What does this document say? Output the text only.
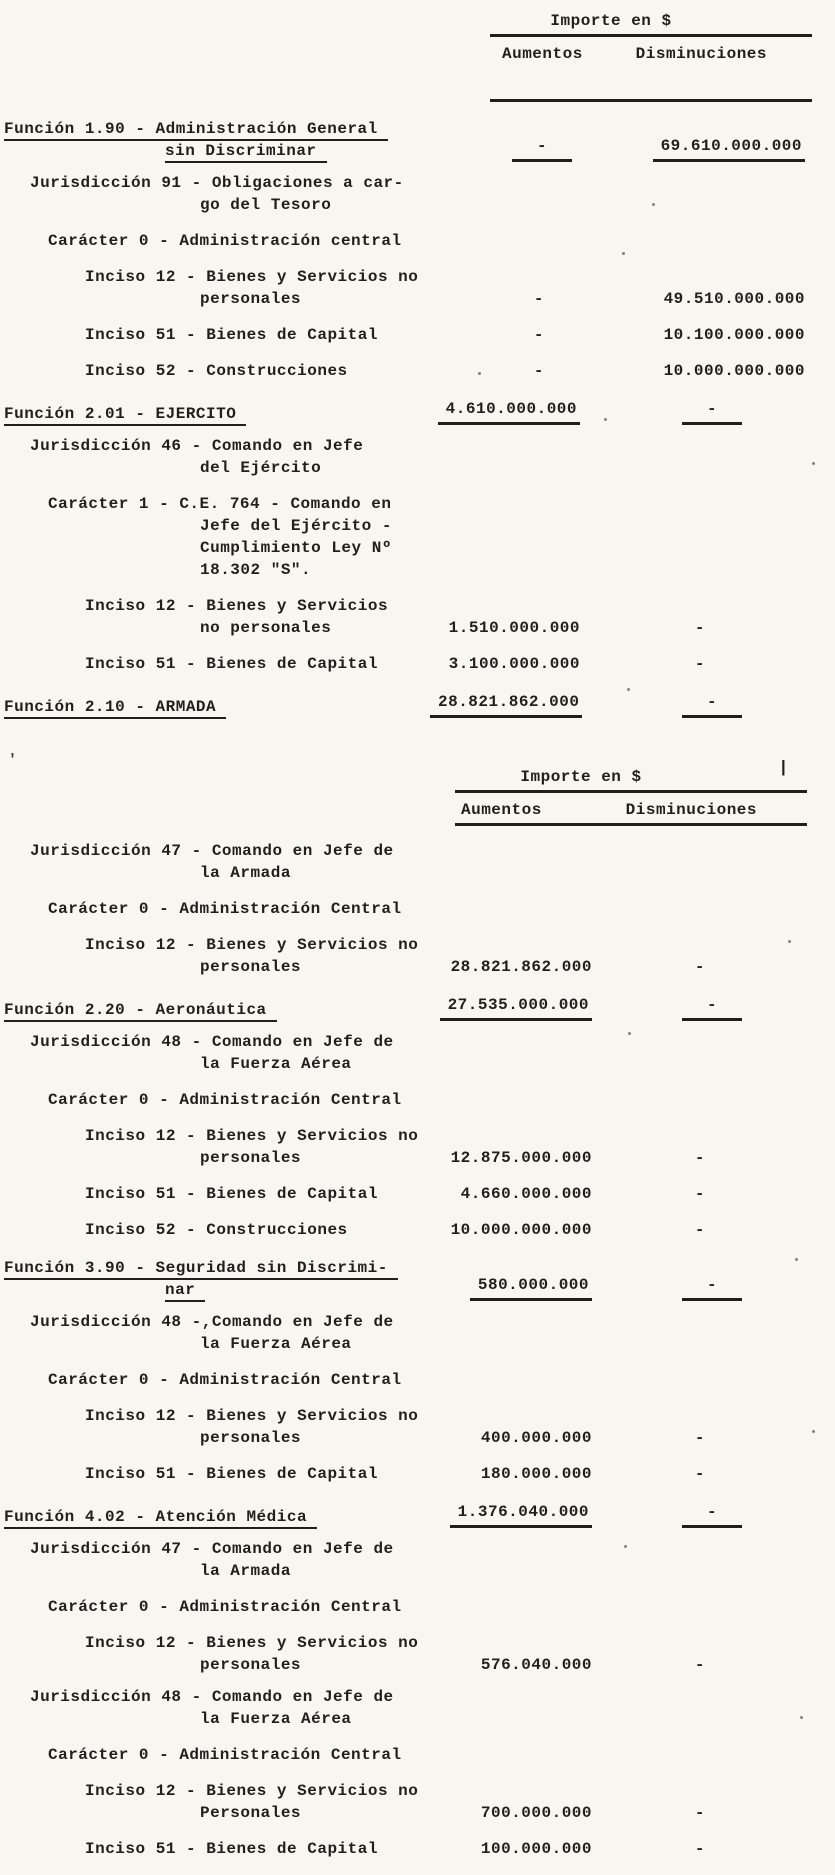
Importe en $
Aumentos	Disminuciones
Función 1.90 - Administración General
sin Discriminar	-	69.610.000.000
Jurisdicción 91 - Obligaciones a car-
go del Tesoro
Carácter 0 - Administración central
Inciso 12 - Bienes y Servicios no
personales	-	49.510.000.000
Inciso 51 - Bienes de Capital	-	10.100.000.000
Inciso 52 - Construcciones	-	10.000.000.000
Función 2.01 - EJERCITO	4.610.000.000	-
Jurisdicción 46 - Comando en Jefe
del Ejército
Carácter 1 - C.E. 764 - Comando en
Jefe del Ejército -
Cumplimiento Ley Nº
18.302 "S".
Inciso 12 - Bienes y Servicios
no personales	1.510.000.000	-
Inciso 51 - Bienes de Capital	3.100.000.000	-
Función 2.10 - ARMADA	28.821.862.000	-
|
Importe en $
Aumentos	Disminuciones
Jurisdicción 47 - Comando en Jefe de
la Armada
Carácter 0 - Administración Central
Inciso 12 - Bienes y Servicios no
personales	28.821.862.000	-
Función 2.20 - Aeronáutica	27.535.000.000	-
Jurisdicción 48 - Comando en Jefe de
la Fuerza Aérea
Carácter 0 - Administración Central
Inciso 12 - Bienes y Servicios no
personales	12.875.000.000	-
Inciso 51 - Bienes de Capital	4.660.000.000	-
Inciso 52 - Construcciones	10.000.000.000	-
Función 3.90 - Seguridad sin Discrimi-
nar	580.000.000	-
Jurisdicción 48 -,Comando en Jefe de
la Fuerza Aérea
Carácter 0 - Administración Central
Inciso 12 - Bienes y Servicios no
personales	400.000.000	-
Inciso 51 - Bienes de Capital	180.000.000	-
Función 4.02 - Atención Médica	1.376.040.000	-
Jurisdicción 47 - Comando en Jefe de
la Armada
Carácter 0 - Administración Central
Inciso 12 - Bienes y Servicios no
personales	576.040.000	-
Jurisdicción 48 - Comando en Jefe de
la Fuerza Aérea
Carácter 0 - Administración Central
Inciso 12 - Bienes y Servicios no
Personales	700.000.000	-
Inciso 51 - Bienes de Capital	100.000.000	-
'
